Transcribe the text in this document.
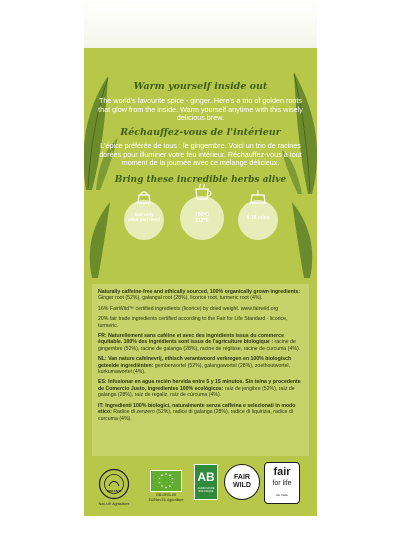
Warm yourself inside out
The world's favourite spice - ginger. Here's a trio of golden roots that glow from the inside. Warm yourself anytime with this wisely delicious brew.
Réchauffez-vous de l'intérieur
L'épice préférée de tous : le gingembre. Voici un trio de racines dorées pour illuminer votre feu intérieur. Réchauffez-vous à tout moment de la journée avec ce mélange délicieux.
Bring these incredible herbs alive
boil only
what you need
100°C
212°F	5-15 mins

Naturally caffeine-free and ethically sourced, 100% organically grown ingredients: Ginger root (52%), galangal root (28%), licorice root, turmeric root (4%).

16% FairWild™ certified ingredients (licorice) by dried weight. www.fairwild.org

20% fair trade ingredients certified according to the Fair for Life Standard - licorice, turmeric.

FR: Naturellement sans caféine et avec des ingrédients issus du commerce équitable. 100% des ingrédients sont issus de l'agriculture biologique : racine de gingembre (52%), racine de galanga (28%), racine de réglisse, racine de curcuma (4%).

NL: Van nature cafeïnevrij, ethisch verantwoord verkregen en 100% biologisch geteelde ingrediënten: gemberwortel (52%), galangawortel (28%), zoethoutwortel, kurkumawortel (4%).

ES: Infusionar en agua recién hervida entre 5 y 15 minutos. Sin teína y procedente de Comercio Justo, ingredientes 100% ecológicos: raíz de jengibre (52%), raíz de galanga (28%), raíz de regaliz, raíz de cúrcuma (4%).

IT: Ingredienti 100% biologici, naturalmente senza caffeina e selezionati in modo etico: Radice di zenzero (52%), radice di galanga (28%), radice di liquirizia, radice di curcuma (4%).

ORGANIC
Non-UK Agriculture
GB-ORG-05
EU/Non-EU Agriculture
AB
AGRICULTURE BIOLOGIQUE
FAIR
WILD
fair
for life
fair trade
